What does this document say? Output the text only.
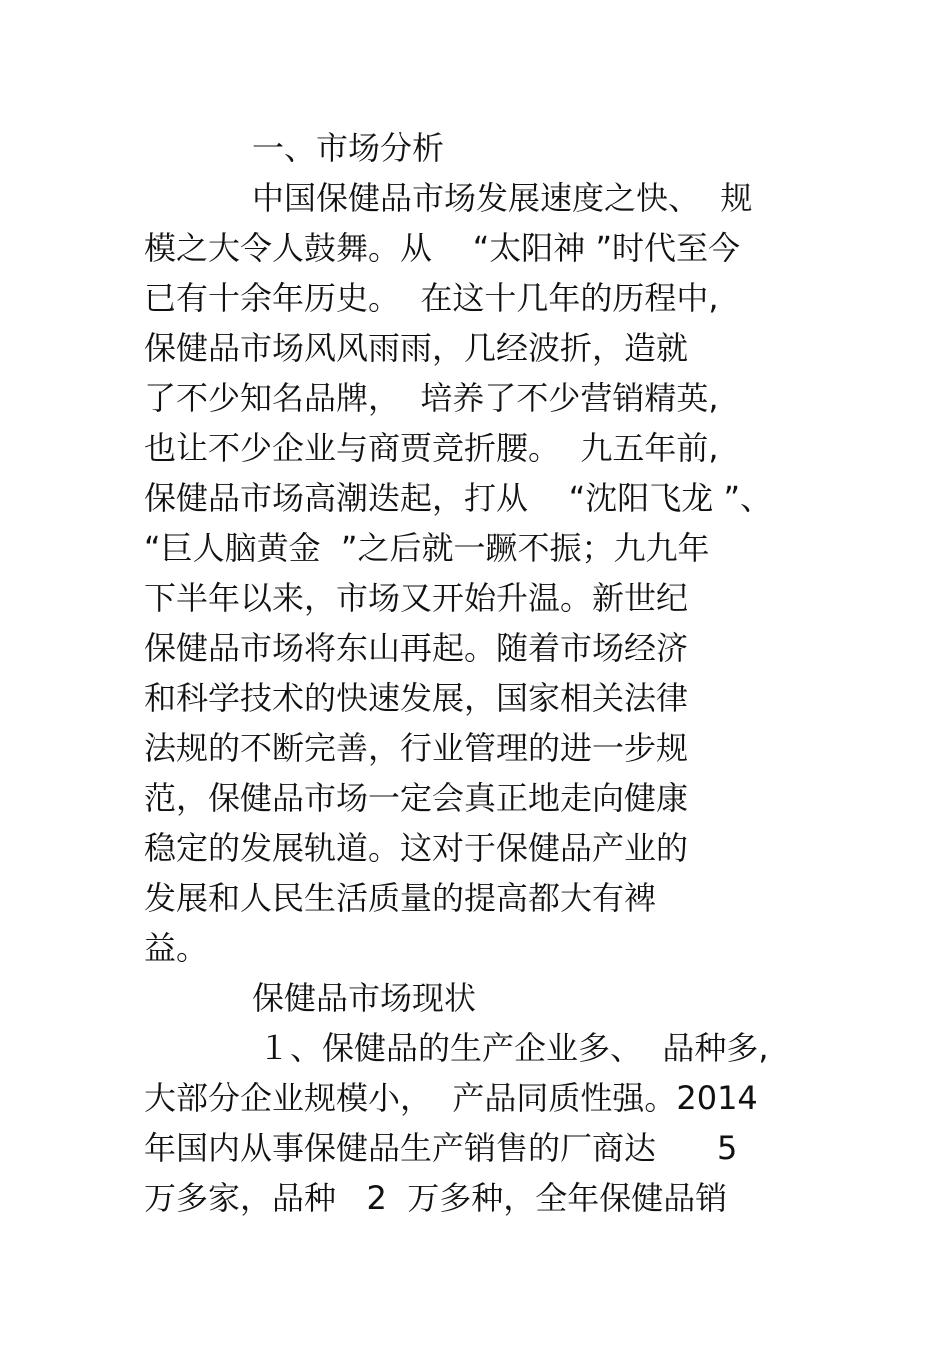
一、市场分析

中国保健品市场发展速度之快、  规

模之大令人鼓舞。从    “太阳神 ”时代至今

已有十余年历史。  在这十几年的历程中,

保健品市场风风雨雨，几经波折，造就

了不少知名品牌，  培养了不少营销精英,

也让不少企业与商贾竞折腰。  九五年前,

保健品市场高潮迭起，打从    “沈阳飞龙 ”、

“巨人脑黄金  ”之后就一蹶不振；九九年

下半年以来，市场又开始升温。新世纪

保健品市场将东山再起。随着市场经济

和科学技术的快速发展，国家相关法律

法规的不断完善，行业管理的进一步规

范，保健品市场一定会真正地走向健康

稳定的发展轨道。这对于保健品产业的

发展和人民生活质量的提高都大有裨

益。

保健品市场现状

１、保健品的生产企业多、  品种多,

大部分企业规模小，  产品同质性强。2014

年国内从事保健品生产销售的厂商达      5

万多家，品种   2  万多种，全年保健品销
